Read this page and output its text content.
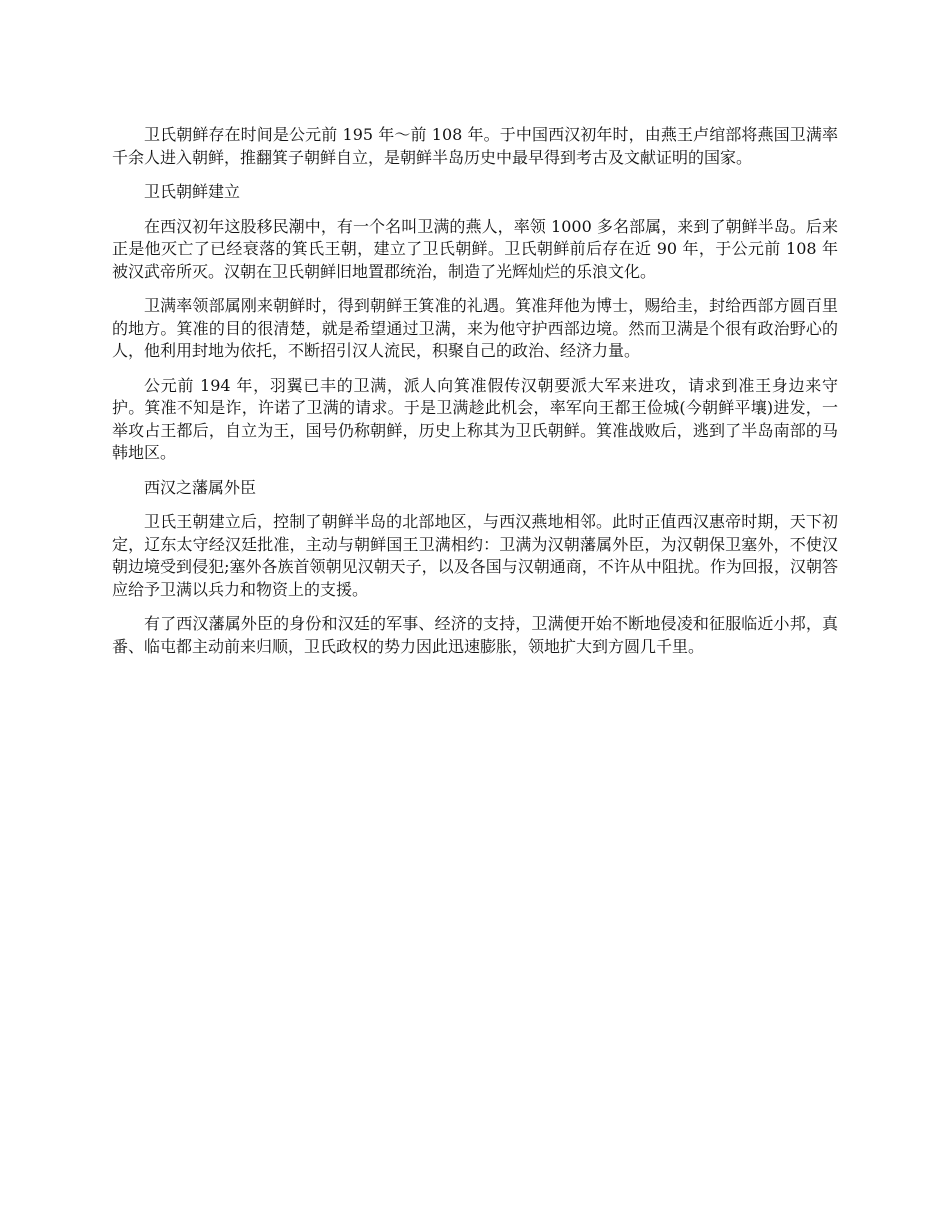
卫氏朝鲜存在时间是公元前 195 年～前 108 年。于中国西汉初年时，由燕王卢绾部将燕国卫满率千余人进入朝鲜，推翻箕子朝鲜自立，是朝鲜半岛历史中最早得到考古及文献证明的国家。

卫氏朝鲜建立

在西汉初年这股移民潮中，有一个名叫卫满的燕人，率领 1000 多名部属，来到了朝鲜半岛。后来正是他灭亡了已经衰落的箕氏王朝，建立了卫氏朝鲜。卫氏朝鲜前后存在近 90 年，于公元前 108 年被汉武帝所灭。汉朝在卫氏朝鲜旧地置郡统治，制造了光辉灿烂的乐浪文化。

卫满率领部属刚来朝鲜时，得到朝鲜王箕准的礼遇。箕准拜他为博士，赐给圭，封给西部方圆百里的地方。箕准的目的很清楚，就是希望通过卫满，来为他守护西部边境。然而卫满是个很有政治野心的人，他利用封地为依托，不断招引汉人流民，积聚自己的政治、经济力量。

公元前 194 年，羽翼已丰的卫满，派人向箕准假传汉朝要派大军来进攻，请求到准王身边来守护。箕准不知是诈，许诺了卫满的请求。于是卫满趁此机会，率军向王都王俭城(今朝鲜平壤)进发，一举攻占王都后，自立为王，国号仍称朝鲜，历史上称其为卫氏朝鲜。箕准战败后，逃到了半岛南部的马韩地区。

西汉之藩属外臣

卫氏王朝建立后，控制了朝鲜半岛的北部地区，与西汉燕地相邻。此时正值西汉惠帝时期，天下初定，辽东太守经汉廷批准，主动与朝鲜国王卫满相约：卫满为汉朝藩属外臣，为汉朝保卫塞外，不使汉朝边境受到侵犯;塞外各族首领朝见汉朝天子，以及各国与汉朝通商，不许从中阻扰。作为回报，汉朝答应给予卫满以兵力和物资上的支援。

有了西汉藩属外臣的身份和汉廷的军事、经济的支持，卫满便开始不断地侵凌和征服临近小邦，真番、临屯都主动前来归顺，卫氏政权的势力因此迅速膨胀，领地扩大到方圆几千里。
